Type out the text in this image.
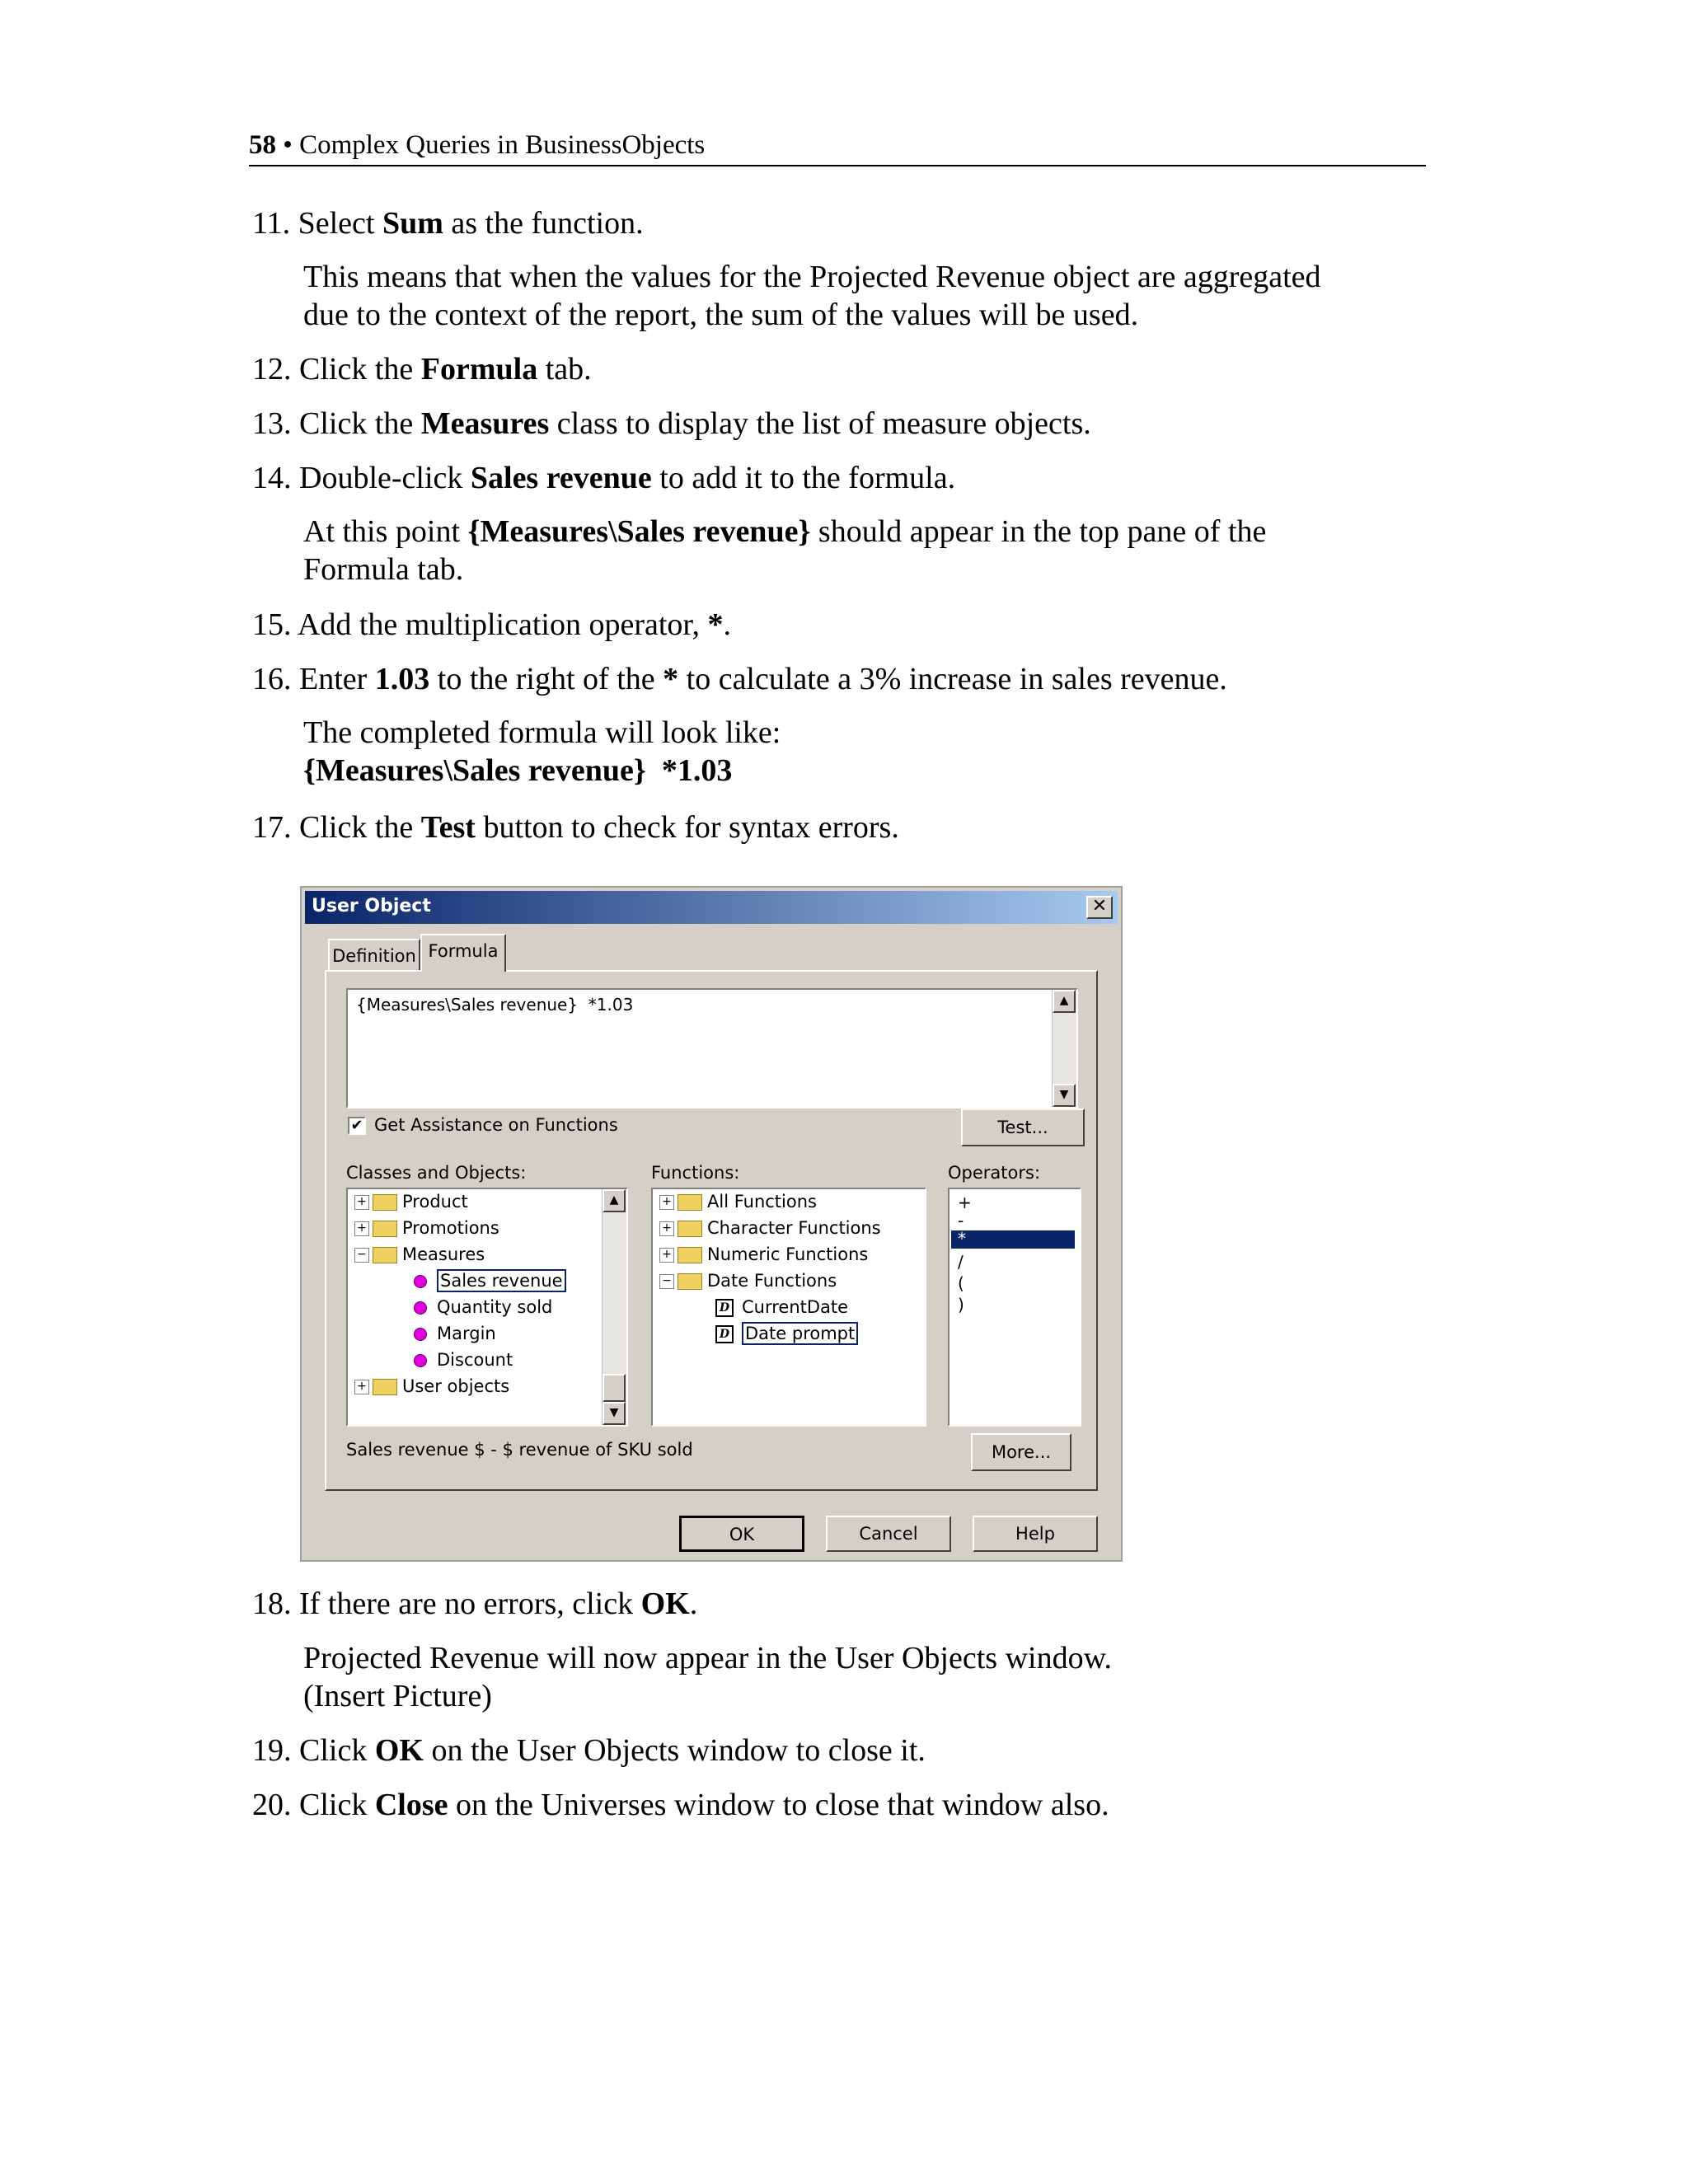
58 • Complex Queries in BusinessObjects
11. Select Sum as the function.
This means that when the values for the Projected Revenue object are aggregated
due to the context of the report, the sum of the values will be used.
12. Click the Formula tab.
13. Click the Measures class to display the list of measure objects.
14. Double-click Sales revenue to add it to the formula.
At this point {Measures\Sales revenue} should appear in the top pane of the
Formula tab.
15. Add the multiplication operator, *.
16. Enter 1.03 to the right of the * to calculate a 3% increase in sales revenue.
The completed formula will look like:
{Measures\Sales revenue}  *1.03
17. Click the Test button to check for syntax errors.
User Object	✕
Definition Formula
{Measures\Sales revenue}  *1.03	▲
▼
✔ Get Assistance on Functions	Test...
Classes and Objects:	Functions:	Operators:
+ Product
+ Promotions
− Measures
Sales revenue
Quantity sold
Margin
Discount
+ User objects
▲
▼
+ All Functions
+ Character Functions
+ Numeric Functions
− Date Functions
D CurrentDate
D Date prompt
+
-
*
/
(
)
Sales revenue $ - $ revenue of SKU sold	More...
OK	Cancel	Help
18. If there are no errors, click OK.
Projected Revenue will now appear in the User Objects window.
(Insert Picture)
19. Click OK on the User Objects window to close it.
20. Click Close on the Universes window to close that window also.
